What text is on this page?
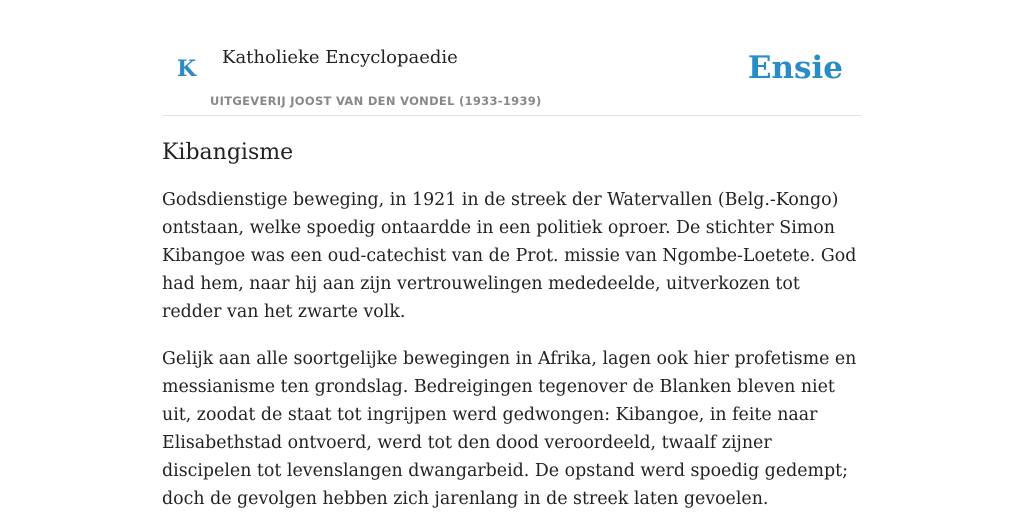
K Katholieke Encyclopaedie
UITGEVERIJ JOOST VAN DEN VONDEL (1933-1939)
Ensie
Kibangisme

Godsdienstige beweging, in 1921 in de streek der Watervallen (Belg.-Kongo) ontstaan, welke spoedig ontaardde in een politiek oproer. De stichter Simon Kibangoe was een oud-catechist van de Prot. missie van Ngombe-Loetete. God had hem, naar hij aan zijn vertrouwelingen mededeelde, uitverkozen tot redder van het zwarte volk.

Gelijk aan alle soortgelijke bewegingen in Afrika, lagen ook hier profetisme en messianisme ten grondslag. Bedreigingen tegenover de Blanken bleven niet uit, zoodat de staat tot ingrijpen werd gedwongen: Kibangoe, in feite naar Elisabethstad ontvoerd, werd tot den dood veroordeeld, twaalf zijner discipelen tot levenslangen dwangarbeid. De opstand werd spoedig gedempt; doch de gevolgen hebben zich jarenlang in de streek laten gevoelen.
